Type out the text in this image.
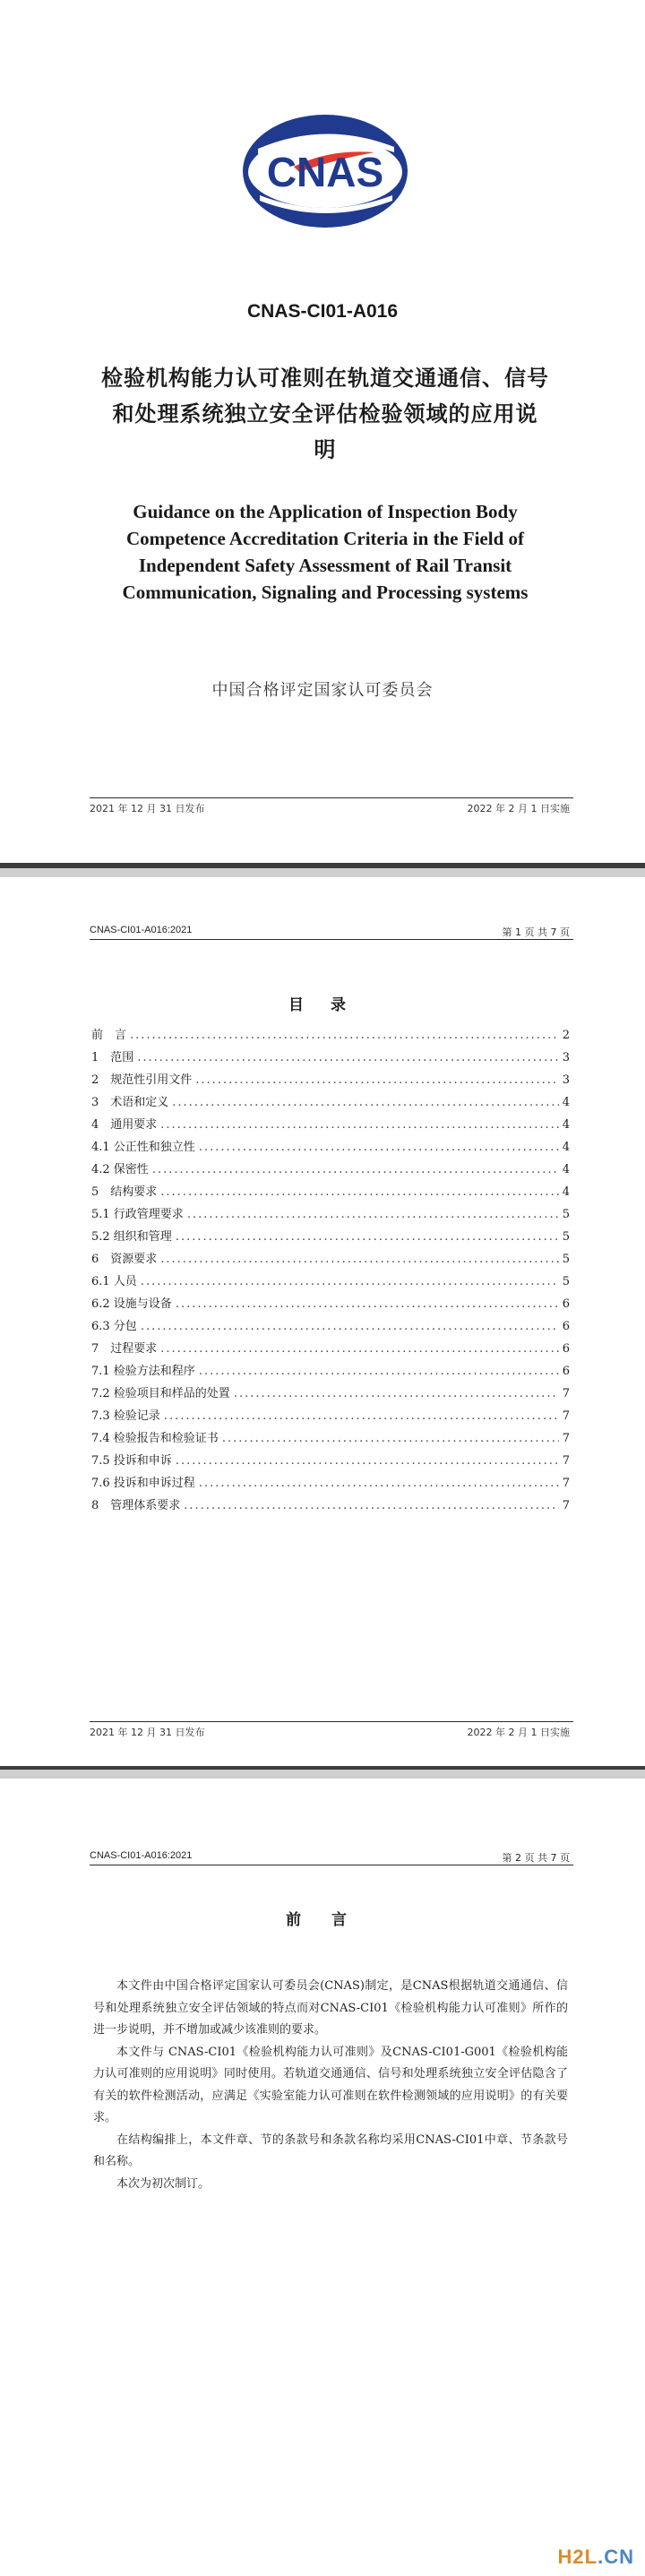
CNAS
CNAS-CI01-A016
检验机构能力认可准则在轨道交通通信、信号
和处理系统独立安全评估检验领域的应用说
明
Guidance on the Application of Inspection Body
Competence Accreditation Criteria in the Field of
Independent Safety Assessment of Rail Transit
Communication, Signaling and Processing systems
中国合格评定国家认可委员会
2021 年 12 月 31 日发布	2022 年 2 月 1 日实施
CNAS-CI01-A016:2021	第 1 页 共 7 页
目 录
前　言 .....	2
1　范围 .....	3
2　规范性引用文件 .....	3
3　术语和定义 .....	4
4　通用要求 .....	4
4.1 公正性和独立性 .....	4
4.2 保密性 .....	4
5　结构要求 .....	4
5.1 行政管理要求 .....	5
5.2 组织和管理 .....	5
6　资源要求 .....	5
6.1 人员 .....	5
6.2 设施与设备 .....	6
6.3 分包 .....	6
7　过程要求 .....	6
7.1 检验方法和程序 .....	6
7.2 检验项目和样品的处置 .....	7
7.3 检验记录 .....	7
7.4 检验报告和检验证书 .....	7
7.5 投诉和申诉 .....	7
7.6 投诉和申诉过程 .....	7
8　管理体系要求 .....	7
2021 年 12 月 31 日发布	2022 年 2 月 1 日实施
CNAS-CI01-A016:2021	第 2 页 共 7 页
前 言

本文件由中国合格评定国家认可委员会(CNAS)制定，是CNAS根据轨道交通通信、信号和处理系统独立安全评估领域的特点而对CNAS-CI01《检验机构能力认可准则》所作的进一步说明，并不增加或减少该准则的要求。

本文件与 CNAS-CI01《检验机构能力认可准则》及CNAS-CI01-G001《检验机构能力认可准则的应用说明》同时使用。若轨道交通通信、信号和处理系统独立安全评估隐含了有关的软件检测活动，应满足《实验室能力认可准则在软件检测领域的应用说明》的有关要求。

在结构编排上，本文件章、节的条款号和条款名称均采用CNAS-CI01中章、节条款号和名称。

本次为初次制订。

H2L.CN
